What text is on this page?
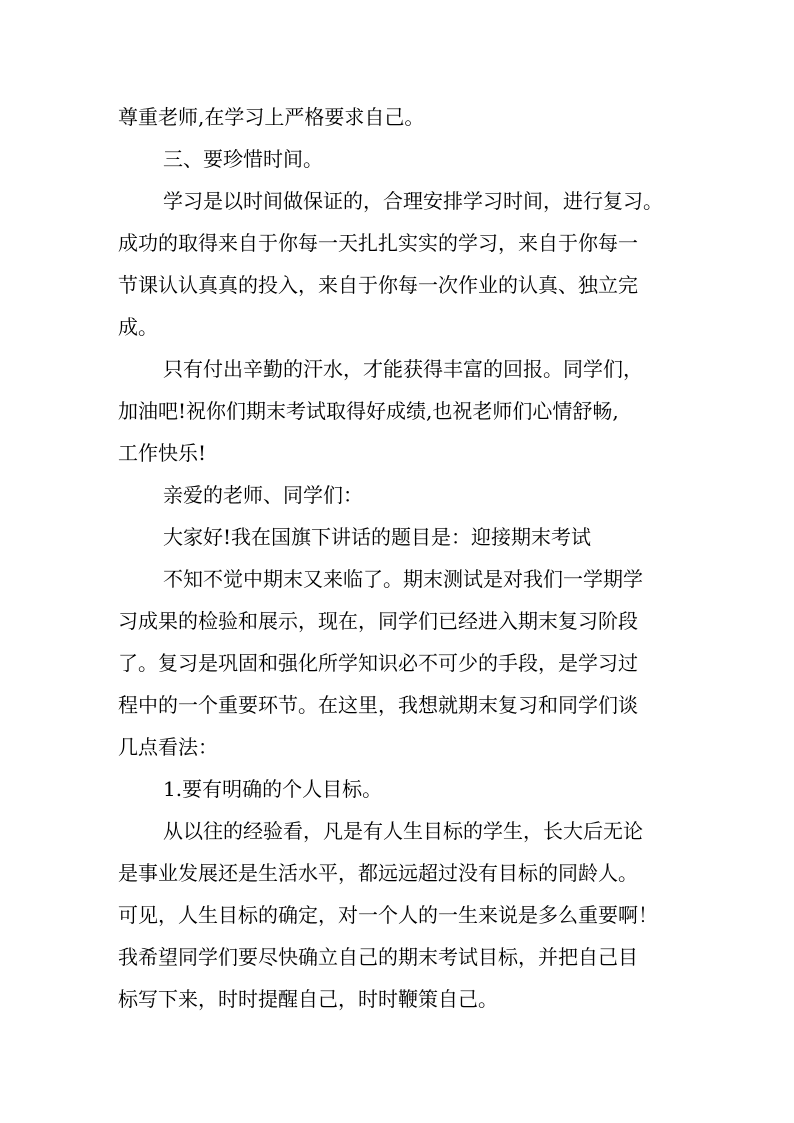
尊重老师,在学习上严格要求自己。
三、要珍惜时间。
学习是以时间做保证的，合理安排学习时间，进行复习。
成功的取得来自于你每一天扎扎实实的学习，来自于你每一
节课认认真真的投入，来自于你每一次作业的认真、独立完
成。
只有付出辛勤的汗水，才能获得丰富的回报。同学们，
加油吧!祝你们期末考试取得好成绩,也祝老师们心情舒畅,
工作快乐!
亲爱的老师、同学们：
大家好!我在国旗下讲话的题目是：迎接期末考试
不知不觉中期末又来临了。期末测试是对我们一学期学
习成果的检验和展示，现在，同学们已经进入期末复习阶段
了。复习是巩固和强化所学知识必不可少的手段，是学习过
程中的一个重要环节。在这里，我想就期末复习和同学们谈
几点看法：
1.要有明确的个人目标。
从以往的经验看，凡是有人生目标的学生，长大后无论
是事业发展还是生活水平，都远远超过没有目标的同龄人。
可见，人生目标的确定，对一个人的一生来说是多么重要啊！
我希望同学们要尽快确立自己的期末考试目标，并把自己目
标写下来，时时提醒自己，时时鞭策自己。
